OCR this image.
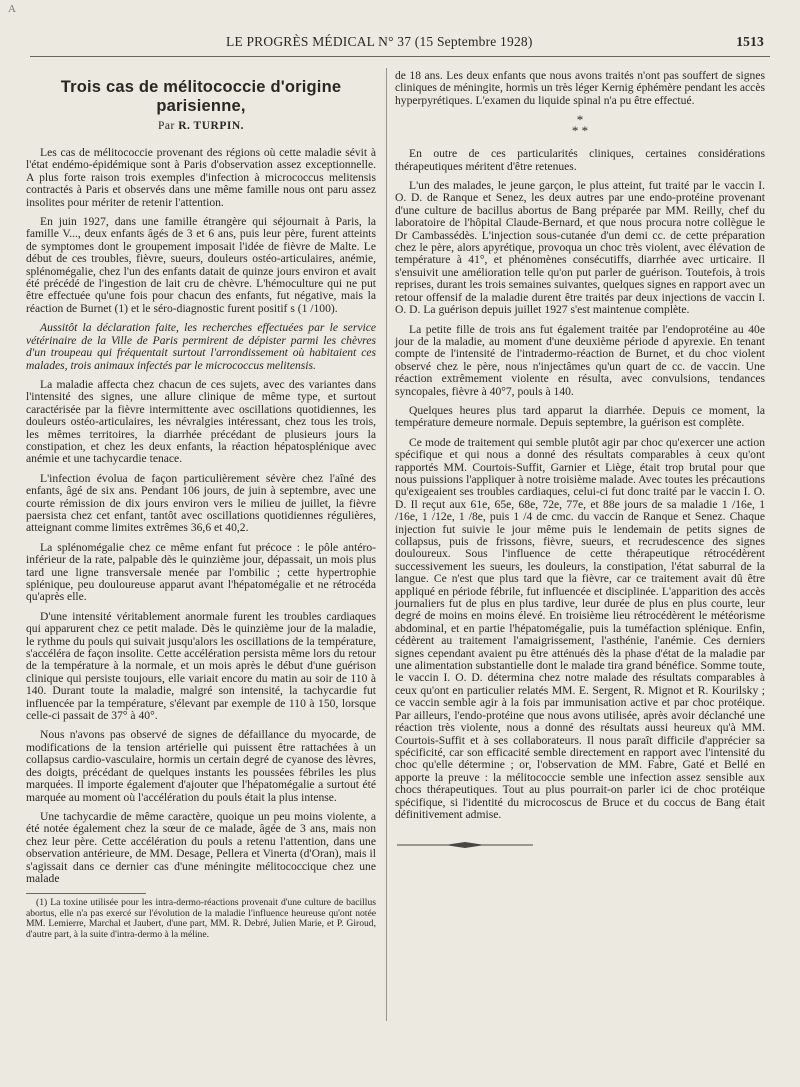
A
LE PROGRÈS MÉDICAL N° 37 (15 Septembre 1928)	1513
Trois cas de mélitococcie d'origine
parisienne,
Par R. TURPIN.

Les cas de mélitococcie provenant des régions où cette maladie sévit à l'état endémo-épidémique sont à Paris d'observation assez exceptionnelle. A plus forte raison trois exemples d'infection à micrococcus melitensis contractés à Paris et observés dans une même famille nous ont paru assez insolites pour mériter de retenir l'attention.

En juin 1927, dans une famille étrangère qui séjournait à Paris, la famille V..., deux enfants âgés de 3 et 6 ans, puis leur père, furent atteints de symptomes dont le groupement imposait l'idée de fièvre de Malte. Le début de ces troubles, fièvre, sueurs, douleurs ostéo-articulaires, anémie, splénomégalie, chez l'un des enfants datait de quinze jours environ et avait été précédé de l'ingestion de lait cru de chèvre. L'hémoculture qui ne put être effectuée qu'une fois pour chacun des enfants, fut négative, mais la réaction de Burnet (1) et le séro-diagnostic furent positif s (1 /100).

Aussitôt la déclaration faite, les recherches effectuées par le service vétérinaire de la Ville de Paris permirent de dépister parmi les chèvres d'un troupeau qui fréquentait surtout l'arrondissement où habitaient ces malades, trois animaux infectés par le micrococcus melitensis.

La maladie affecta chez chacun de ces sujets, avec des variantes dans l'intensité des signes, une allure clinique de même type, et surtout caractérisée par la fièvre intermittente avec oscillations quotidiennes, les douleurs ostéo-articulaires, les névralgies intéressant, chez tous les trois, les mêmes territoires, la diarrhée précédant de plusieurs jours la constipation, et chez les deux enfants, la réaction hépatosplénique avec anémie et une tachycardie tenace.

L'infection évolua de façon particulièrement sévère chez l'aîné des enfants, âgé de six ans. Pendant 106 jours, de juin à septembre, avec une courte rémission de dix jours environ vers le milieu de juillet, la fièvre paersista chez cet enfant, tantôt avec oscillations quotidiennes régulières, atteignant comme limites extrêmes 36,6 et 40,2.

La splénomégalie chez ce même enfant fut précoce : le pôle antéro-inférieur de la rate, palpable dès le quinzième jour, dépassait, un mois plus tard une ligne transversale menée par l'ombilic ; cette hypertrophie splénique, peu douloureuse apparut avant l'hépatomégalie et ne rétrocéda qu'après elle.

D'une intensité véritablement anormale furent les troubles cardiaques qui apparurent chez ce petit malade. Dès le quinzième jour de la maladie, le rythme du pouls qui suivait jusqu'alors les oscillations de la température, s'accéléra de façon insolite. Cette accélération persista même lors du retour de la température à la normale, et un mois après le début d'une guérison clinique qui persiste toujours, elle variait encore du matin au soir de 110 à 140. Durant toute la maladie, malgré son intensité, la tachycardie fut influencée par la température, s'élevant par exemple de 110 à 150, lorsque celle-ci passait de 37° à 40°.

Nous n'avons pas observé de signes de défaillance du myocarde, de modifications de la tension artérielle qui puissent être rattachées à un collapsus cardio-vasculaire, hormis un certain degré de cyanose des lèvres, des doigts, précédant de quelques instants les poussées fébriles les plus marquées. Il importe également d'ajouter que l'hépatomégalie a surtout été marquée au moment où l'accélération du pouls était la plus intense.

Une tachycardie de même caractère, quoique un peu moins violente, a été notée également chez la sœur de ce malade, âgée de 3 ans, mais non chez leur père. Cette accélération du pouls a retenu l'attention, dans une observation antérieure, de MM. Desage, Pellera et Vinerta (d'Oran), mais il s'agissait dans ce dernier cas d'une méningite mélitococcique chez une malade

(1) La toxine utilisée pour les intra-dermo-réactions provenait d'une culture de bacillus abortus, elle n'a pas exercé sur l'évolution de la maladie l'influence heureuse qu'ont notée MM. Lemierre, Marchal et Jaubert, d'une part, MM. R. Debré, Julien Marie, et P. Giroud, d'autre part, à la suite d'intra-dermo à la méline.

de 18 ans. Les deux enfants que nous avons traités n'ont pas souffert de signes cliniques de méningite, hormis un très léger Kernig éphémère pendant les accès hyperpyrétiques. L'examen du liquide spinal n'a pu être effectué.

*
* *

En outre de ces particularités cliniques, certaines considérations thérapeutiques méritent d'être retenues.

L'un des malades, le jeune garçon, le plus atteint, fut traité par le vaccin I. O. D. de Ranque et Senez, les deux autres par une endo-protéine provenant d'une culture de bacillus abortus de Bang préparée par MM. Reilly, chef du laboratoire de l'hôpital Claude-Bernard, et que nous procura notre collègue le Dr Cambassédès. L'injection sous-cutanée d'un demi cc. de cette préparation chez le père, alors apyrétique, provoqua un choc très violent, avec élévation de température à 41°, et phénomènes consécutiffs, diarrhée avec urticaire. Il s'ensuivit une amélioration telle qu'on put parler de guérison. Toutefois, à trois reprises, durant les trois semaines suivantes, quelques signes en rapport avec un retour offensif de la maladie durent être traités par deux injections de vaccin I. O. D. La guérison depuis juillet 1927 s'est maintenue complète.

La petite fille de trois ans fut également traitée par l'endoprotéine au 40e jour de la maladie, au moment d'une deuxième période d apyrexie. En tenant compte de l'intensité de l'intradermo-réaction de Burnet, et du choc violent observé chez le père, nous n'injectâmes qu'un quart de cc. de vaccin. Une réaction extrêmement violente en résulta, avec convulsions, tendances syncopales, fièvre à 40°7, pouls à 140.

Quelques heures plus tard apparut la diarrhée. Depuis ce moment, la température demeure normale. Depuis septembre, la guérison est complète.

Ce mode de traitement qui semble plutôt agir par choc qu'exercer une action spécifique et qui nous a donné des résultats comparables à ceux qu'ont rapportés MM. Courtois-Suffit, Garnier et Liège, était trop brutal pour que nous puissions l'appliquer à notre troisième malade. Avec toutes les précautions qu'exigeaient ses troubles cardiaques, celui-ci fut donc traité par le vaccin I. O. D. Il reçut aux 61e, 65e, 68e, 72e, 77e, et 88e jours de sa maladie 1 /16e, 1 /16e, 1 /12e, 1 /8e, puis 1 /4 de cmc. du vaccin de Ranque et Senez. Chaque injection fut suivie le jour même puis le lendemain de petits signes de collapsus, puis de frissons, fièvre, sueurs, et recrudescence des signes douloureux. Sous l'influence de cette thérapeutique rétrocédèrent successivement les sueurs, les douleurs, la constipation, l'état saburral de la langue. Ce n'est que plus tard que la fièvre, car ce traitement avait dû être appliqué en période fébrile, fut influencée et disciplinée. L'apparition des accès journaliers fut de plus en plus tardive, leur durée de plus en plus courte, leur degré de moins en moins élevé. En troisième lieu rétrocédèrent le météorisme abdominal, et en partie l'hépatomégalie, puis la tuméfaction splénique. Enfin, cédèrent au traitement l'amaigrissement, l'asthénie, l'anémie. Ces derniers signes cependant avaient pu être atténués dès la phase d'état de la maladie par une alimentation substantielle dont le malade tira grand bénéfice. Somme toute, le vaccin I. O. D. détermina chez notre malade des résultats comparables à ceux qu'ont en particulier relatés MM. E. Sergent, R. Mignot et R. Kourilsky ; ce vaccin semble agir à la fois par immunisation active et par choc protéique. Par ailleurs, l'endo-protéine que nous avons utilisée, après avoir déclanché une réaction très violente, nous a donné des résultats aussi heureux qu'à MM. Courtois-Suffit et à ses collaborateurs. Il nous paraît difficile d'apprécier sa spécificité, car son efficacité semble directement en rapport avec l'intensité du choc qu'elle détermine ; or, l'observation de MM. Fabre, Gaté et Bellé en apporte la preuve : la mélitococcie semble une infection assez sensible aux chocs thérapeutiques. Tout au plus pourrait-on parler ici de choc protéique spécifique, si l'identité du microcoscus de Bruce et du coccus de Bang était définitivement admise.
